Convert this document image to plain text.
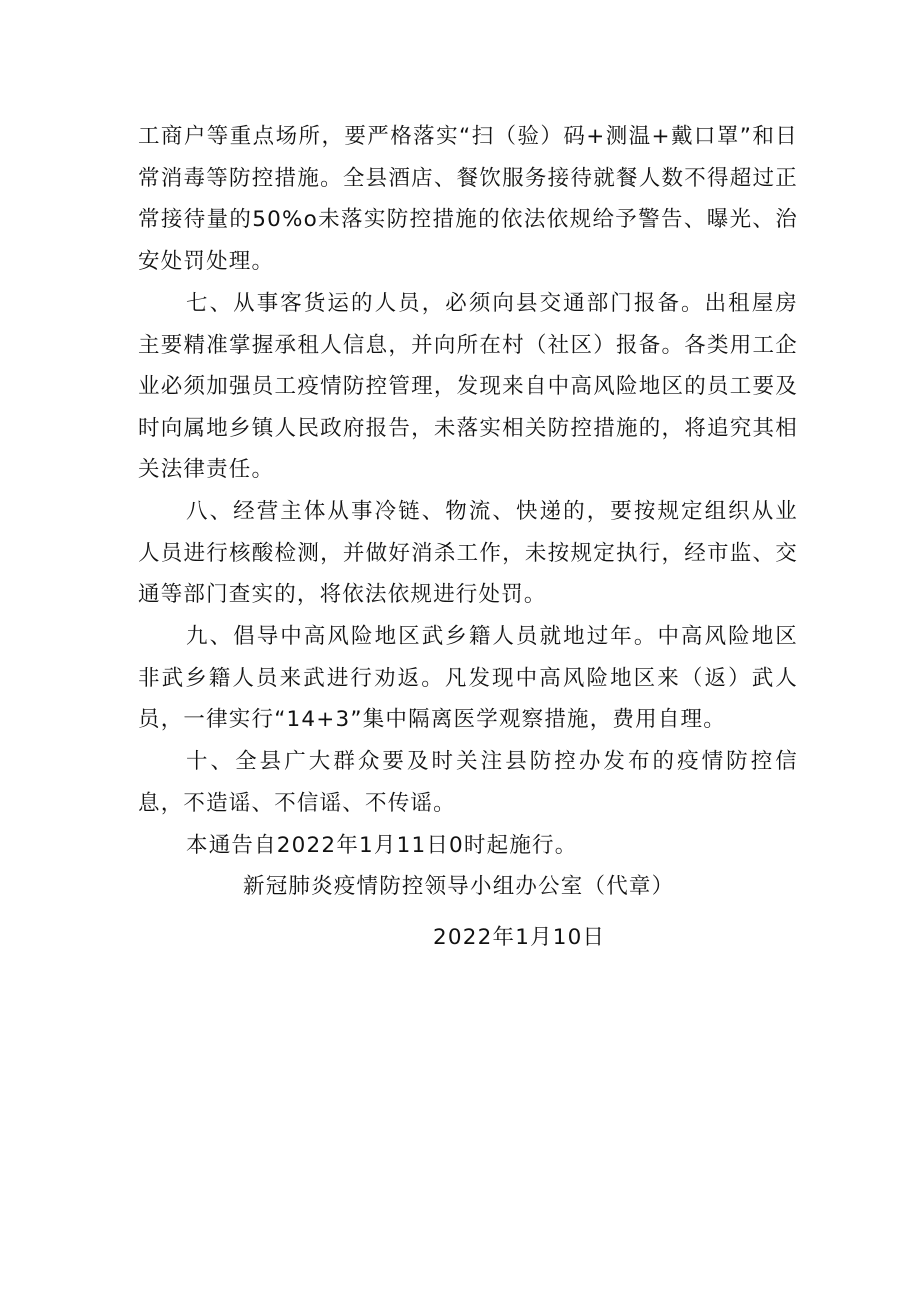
工商户等重点场所，要严格落实“扫（验）码+测温+戴口罩”和日常消毒等防控措施。全县酒店、餐饮服务接待就餐人数不得超过正常接待量的50%o未落实防控措施的依法依规给予警告、曝光、治安处罚处理。

七、从事客货运的人员，必须向县交通部门报备。出租屋房主要精准掌握承租人信息，并向所在村（社区）报备。各类用工企业必须加强员工疫情防控管理，发现来自中高风险地区的员工要及时向属地乡镇人民政府报告，未落实相关防控措施的，将追究其相关法律责任。

八、经营主体从事冷链、物流、快递的，要按规定组织从业人员进行核酸检测，并做好消杀工作，未按规定执行，经市监、交通等部门查实的，将依法依规进行处罚。

九、倡导中高风险地区武乡籍人员就地过年。中高风险地区非武乡籍人员来武进行劝返。凡发现中高风险地区来（返）武人员，一律实行“14+3”集中隔离医学观察措施，费用自理。

十、全县广大群众要及时关注县防控办发布的疫情防控信息，不造谣、不信谣、不传谣。

本通告自2022年1月11日0时起施行。

新冠肺炎疫情防控领导小组办公室（代章）

2022年1月10日
